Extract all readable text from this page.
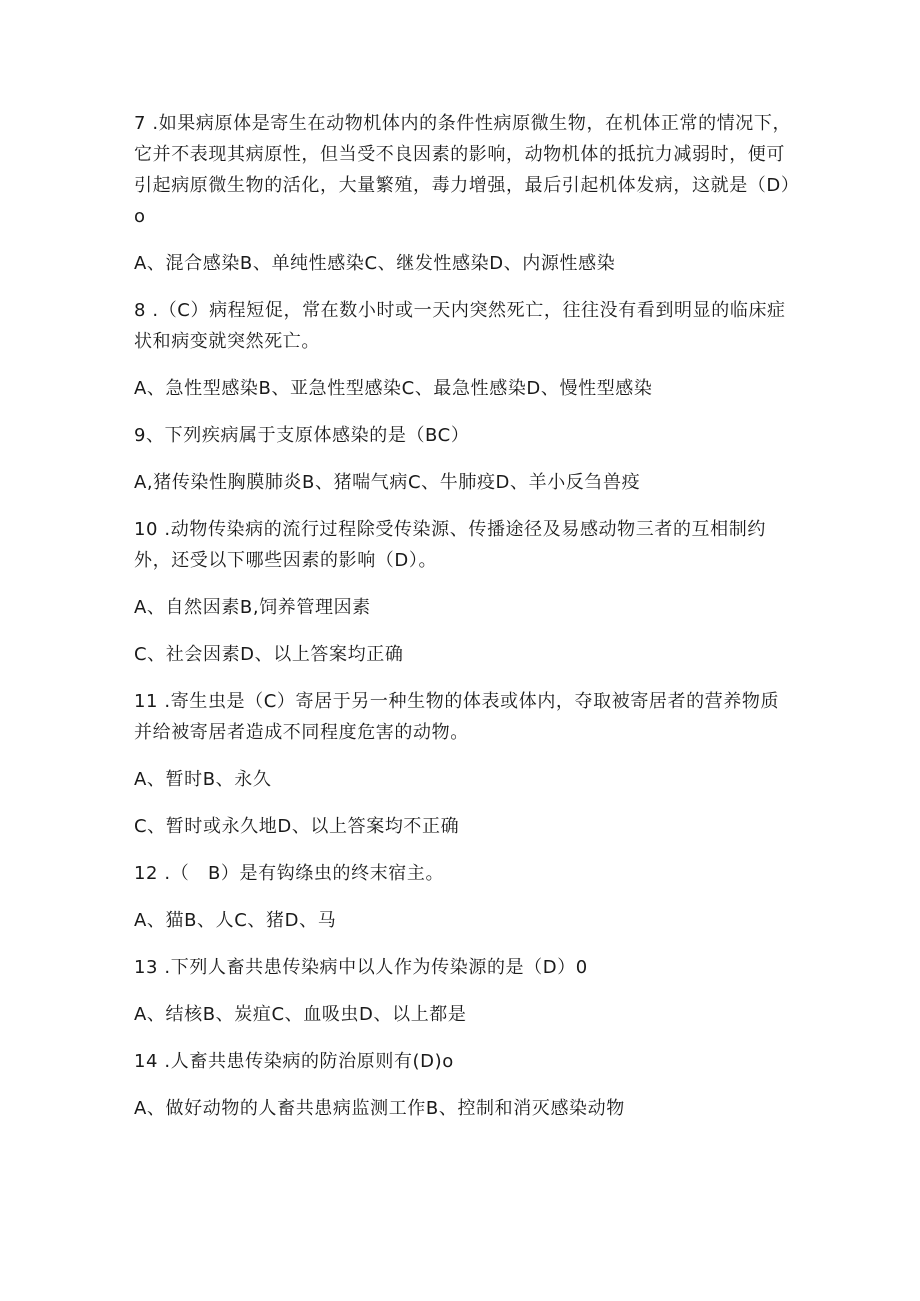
7 .如果病原体是寄生在动物机体内的条件性病原微生物，在机体正常的情况下，它并不表现其病原性，但当受不良因素的影响，动物机体的抵抗力减弱时，便可引起病原微生物的活化，大量繁殖，毒力增强，最后引起机体发病，这就是（D）o

A、混合感染B、单纯性感染C、继发性感染D、内源性感染

8 .（C）病程短促，常在数小时或一天内突然死亡，往往没有看到明显的临床症状和病变就突然死亡。

A、急性型感染B、亚急性型感染C、最急性感染D、慢性型感染

9、下列疾病属于支原体感染的是（BC）

A,猪传染性胸膜肺炎B、猪喘气病C、牛肺疫D、羊小反刍兽疫

10 .动物传染病的流行过程除受传染源、传播途径及易感动物三者的互相制约外，还受以下哪些因素的影响（D）。

A、自然因素B,饲养管理因素

C、社会因素D、以上答案均正确

11 .寄生虫是（C）寄居于另一种生物的体表或体内，夺取被寄居者的营养物质并给被寄居者造成不同程度危害的动物。

A、暂时B、永久

C、暂时或永久地D、以上答案均不正确

12 .（　B）是有钩绦虫的终末宿主。

A、猫B、人C、猪D、马

13 .下列人畜共患传染病中以人作为传染源的是（D）0

A、结核B、炭疽C、血吸虫D、以上都是

14 .人畜共患传染病的防治原则有(D)o

A、做好动物的人畜共患病监测工作B、控制和消灭感染动物
